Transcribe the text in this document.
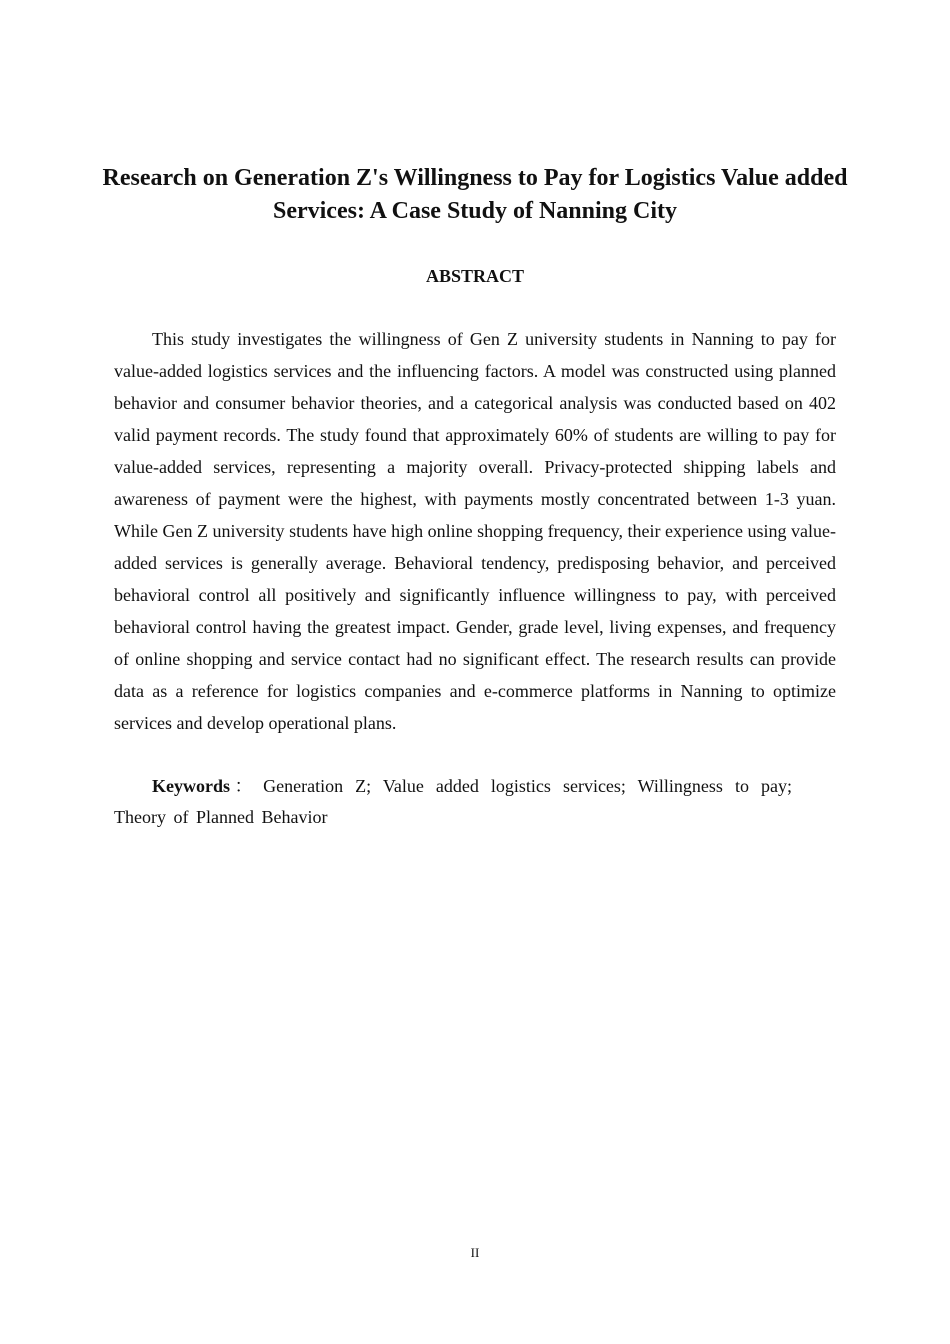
Research on Generation Z's Willingness to Pay for Logistics Value added Services: A Case Study of Nanning City
ABSTRACT

This study investigates the willingness of Gen Z university students in Nanning to pay for value-added logistics services and the influencing factors. A model was constructed using planned behavior and consumer behavior theories, and a categorical analysis was conducted based on 402 valid payment records. The study found that approximately 60% of students are willing to pay for value-added services, representing a majority overall. Privacy-protected shipping labels and awareness of payment were the highest, with payments mostly concentrated between 1-3 yuan. While Gen Z university students have high online shopping frequency, their experience using value-added services is generally average. Behavioral tendency, predisposing behavior, and perceived behavioral control all positively and significantly influence willingness to pay, with perceived behavioral control having the greatest impact. Gender, grade level, living expenses, and frequency of online shopping and service contact had no significant effect. The research results can provide data as a reference for logistics companies and e-commerce platforms in Nanning to optimize services and develop operational plans.

Keywords： Generation Z; Value added logistics services; Willingness to pay; Theory of Planned Behavior

II
